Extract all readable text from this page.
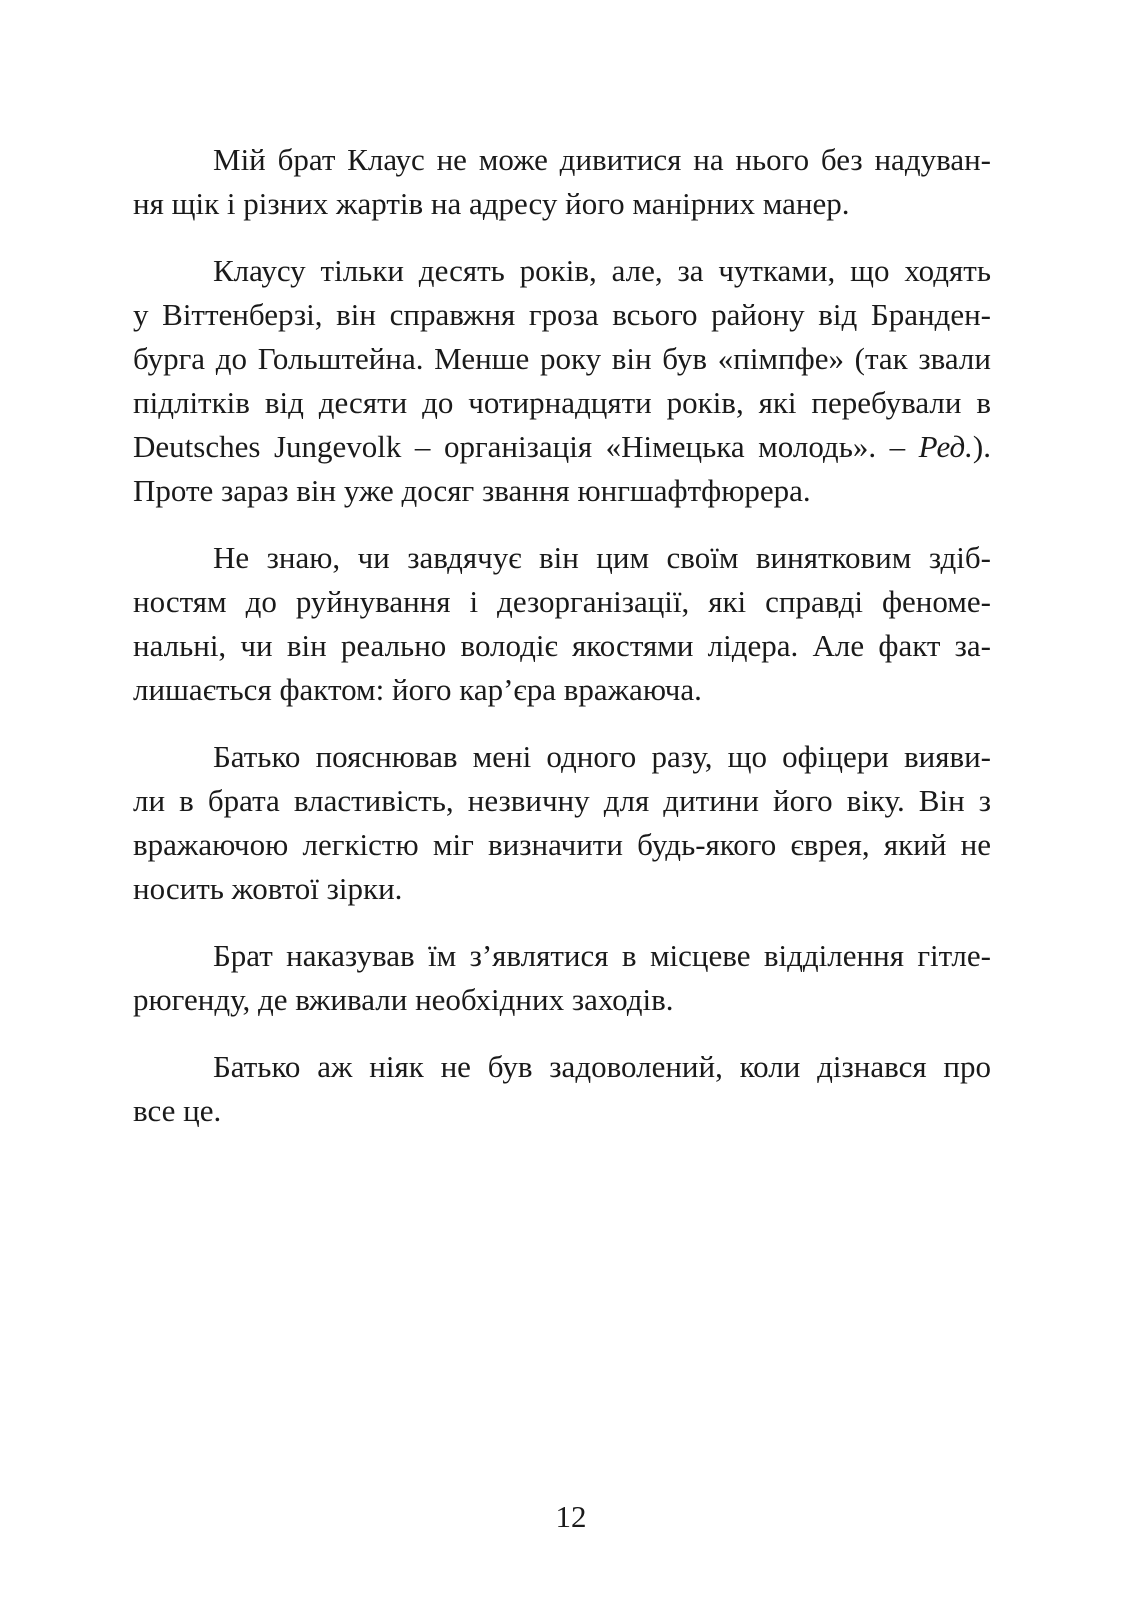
Мій брат Клаус не може дивитися на нього без надуван-
ня щік і різних жартів на адресу його манірних манер.
Клаусу тільки десять років, але, за чутками, що ходять
у Віттенберзі, він справжня гроза всього району від Бранден-
бурга до Гольштейна. Менше року він був «пімпфе» (так звали
підлітків від десяти до чотирнадцяти років, які перебували в
Deutsches Jungevolk – організація «Німецька молодь». – Ред.).
Проте зараз він уже досяг звання юнгшафтфюрера.
Не знаю, чи завдячує він цим своїм винятковим здіб-
ностям до руйнування і дезорганізації, які справді феноме-
нальні, чи він реально володіє якостями лідера. Але факт за-
лишається фактом: його кар’єра вражаюча.
Батько пояснював мені одного разу, що офіцери вияви-
ли в брата властивість, незвичну для дитини його віку. Він з
вражаючою легкістю міг визначити будь-якого єврея, який не
носить жовтої зірки.
Брат наказував їм з’являтися в місцеве відділення гітле-
рюгенду, де вживали необхідних заходів.
Батько аж ніяк не був задоволений, коли дізнався про
все це.
12
